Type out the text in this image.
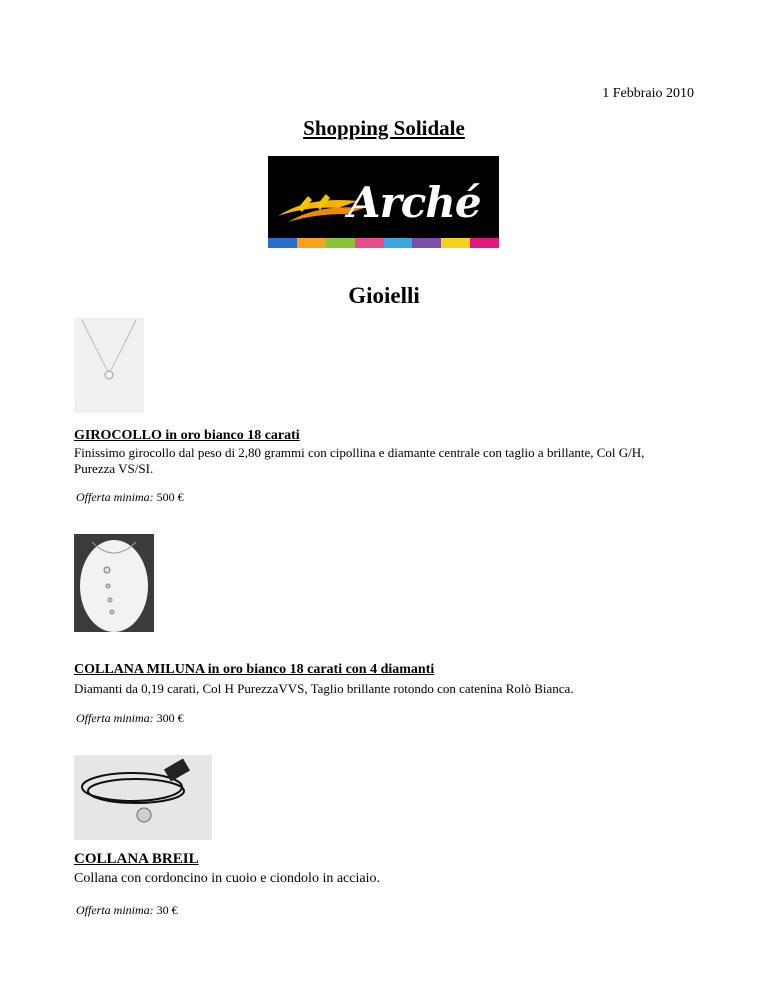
1 Febbraio 2010
Shopping Solidale
Arché
Gioielli
GIROCOLLO in oro bianco 18 carati
Finissimo girocollo dal peso di 2,80 grammi con cipollina e diamante centrale con taglio a brillante, Col G/H, Purezza VS/SI.
Offerta minima: 500 €
COLLANA MILUNA in oro bianco 18 carati con 4 diamanti
Diamanti da 0,19 carati, Col H PurezzaVVS, Taglio brillante rotondo con catenina Rolò Bianca.
Offerta minima: 300 €
COLLANA BREIL
Collana con cordoncino in cuoio e ciondolo in acciaio.
Offerta minima: 30 €
